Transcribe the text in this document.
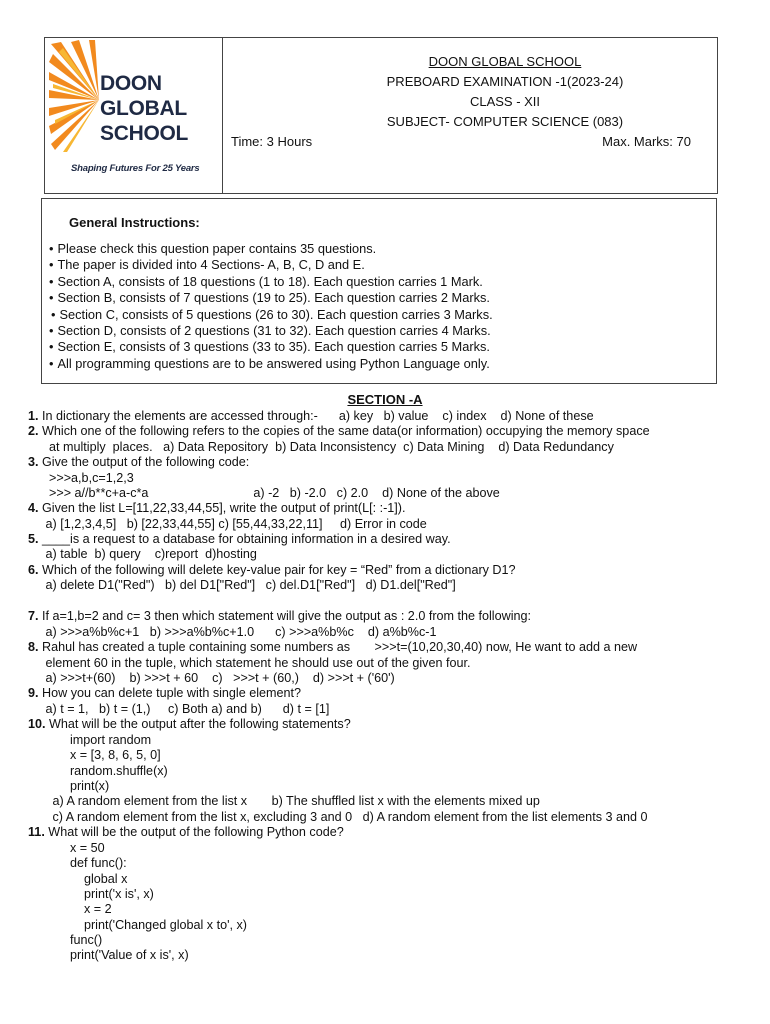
DOON
GLOBAL
SCHOOL
Shaping Futures For 25 Years
DOON GLOBAL SCHOOL
PREBOARD EXAMINATION -1(2023-24)
CLASS - XII
SUBJECT- COMPUTER SCIENCE (083)
Time: 3 Hours	Max. Marks: 70
General Instructions:
• Please check this question paper contains 35 questions.
• The paper is divided into 4 Sections- A, B, C, D and E.
• Section A, consists of 18 questions (1 to 18). Each question carries 1 Mark.
• Section B, consists of 7 questions (19 to 25). Each question carries 2 Marks.
• Section C, consists of 5 questions (26 to 30). Each question carries 3 Marks.
• Section D, consists of 2 questions (31 to 32). Each question carries 4 Marks.
• Section E, consists of 3 questions (33 to 35). Each question carries 5 Marks.
• All programming questions are to be answered using Python Language only.
SECTION -A
1. In dictionary the elements are accessed through:-      a) key   b) value    c) index    d) None of these
2. Which one of the following refers to the copies of the same data(or information) occupying the memory space
at multiply  places.   a) Data Repository  b) Data Inconsistency  c) Data Mining    d) Data Redundancy
3. Give the output of the following code:
>>>a,b,c=1,2,3
>>> a//b**c+a-c*a                              a) -2   b) -2.0   c) 2.0    d) None of the above
4. Given the list L=[11,22,33,44,55], write the output of print(L[: :-1]).
a) [1,2,3,4,5]   b) [22,33,44,55] c) [55,44,33,22,11]     d) Error in code
5. ____is a request to a database for obtaining information in a desired way.
a) table  b) query    c)report  d)hosting
6. Which of the following will delete key-value pair for key = “Red” from a dictionary D1?
a) delete D1("Red")   b) del D1["Red"]   c) del.D1["Red"]   d) D1.del["Red"]
7. If a=1,b=2 and c= 3 then which statement will give the output as : 2.0 from the following:
a) >>>a%b%c+1   b) >>>a%b%c+1.0      c) >>>a%b%c    d) a%b%c-1
8. Rahul has created a tuple containing some numbers as       >>>t=(10,20,30,40) now, He want to add a new
element 60 in the tuple, which statement he should use out of the given four.
a) >>>t+(60)    b) >>>t + 60    c)   >>>t + (60,)    d) >>>t + ('60')
9. How you can delete tuple with single element?
a) t = 1,   b) t = (1,)     c) Both a) and b)      d) t = [1]
10. What will be the output after the following statements?
import random
x = [3, 8, 6, 5, 0]
random.shuffle(x)
print(x)
a) A random element from the list x       b) The shuffled list x with the elements mixed up
c) A random element from the list x, excluding 3 and 0   d) A random element from the list elements 3 and 0
11. What will be the output of the following Python code?
x = 50
def func():
global x
print('x is', x)
x = 2
print('Changed global x to', x)
func()
print('Value of x is', x)
